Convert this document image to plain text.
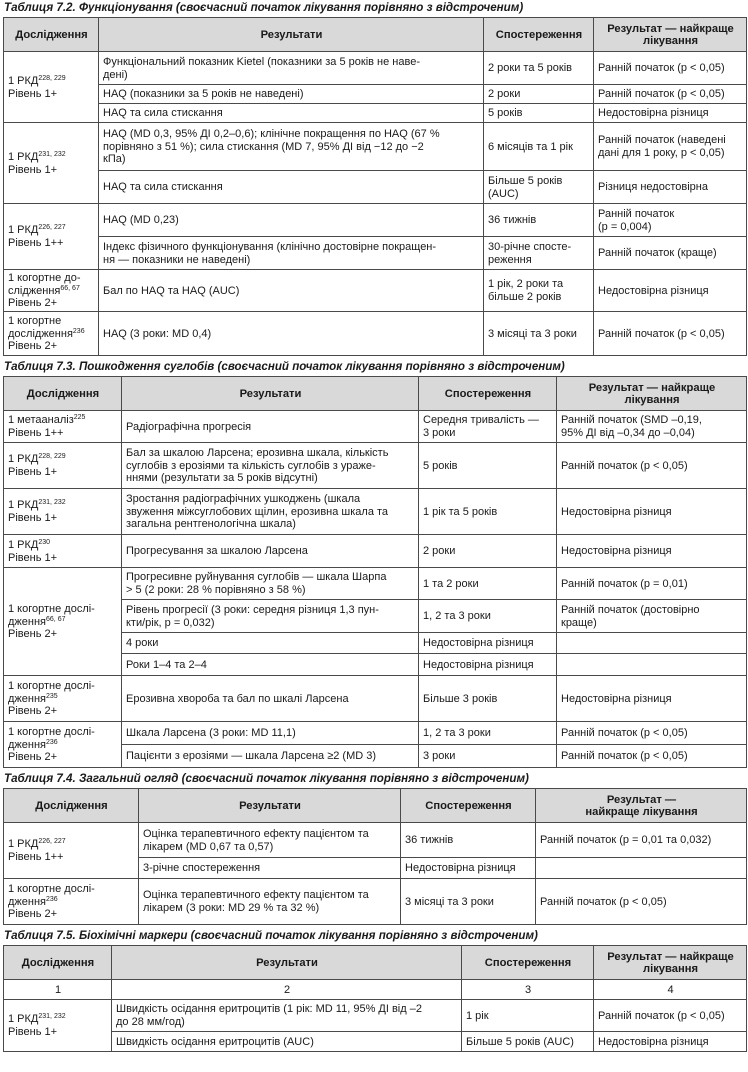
Таблиця 7.2. Функціонування (своєчасний початок лікування порівняно з відстроченим)

Дослідження	Результати	Спостереження	Результат — найкраще лікування
1 РКД$^{228, 229}$
Рівень 1+	Функціональний показник Kietel (показники за 5 років не наве-
дені)	2 роки та 5 років	Ранній початок (p < 0,05)
	HAQ (показники за 5 років не наведені)	2 роки	Ранній початок (p < 0,05)
	HAQ та сила стискання	5 років	Недостовірна різниця
1 РКД$^{231, 232}$
Рівень 1+	HAQ (MD 0,3, 95% ДІ 0,2–0,6); клінічне покращення по HAQ (67 %
порівняно з 51 %); сила стискання (MD 7, 95% ДІ від −12 до −2
кПа)	6 місяців та 1 рік	Ранній початок (наведені
дані для 1 року, p < 0,05)
	HAQ та сила стискання	Більше 5 років
(AUC)	Різниця недостовірна
1 РКД$^{226, 227}$
Рівень 1++	HAQ (MD 0,23)	36 тижнів	Ранній початок
(p = 0,004)
	Індекс фізичного функціонування (клінічно достовірне покращен-
ня — показники не наведені)	30-річне спосте-
реження	Ранній початок (краще)
1 когортне до-
слідження$^{66, 67}$
Рівень 2+	Бал по HAQ та HAQ (AUC)	1 рік, 2 роки та
більше 2 років	Недостовірна різниця
1 когортне
дослідження$^{236}$
Рівень 2+	HAQ (3 роки: MD 0,4)	3 місяці та 3 роки	Ранній початок (p < 0,05)

Таблиця 7.3. Пошкодження суглобів (своєчасний початок лікування порівняно з відстроченим)

Дослідження	Результати	Спостереження	Результат — найкраще
лікування
1 метааналіз$^{225}$
Рівень 1++	Радіографічна прогресія	Середня тривалість —
3 роки	Ранній початок (SMD –0,19,
95% ДІ від –0,34 до –0,04)
1 РКД$^{228, 229}$
Рівень 1+	Бал за шкалою Ларсена; ерозивна шкала, кількість
суглобів з ерозіями та кількість суглобів з ураже-
ннями (результати за 5 років відсутні)	5 років	Ранній початок (p < 0,05)
1 РКД$^{231, 232}$
Рівень 1+	Зростання радіографічних ушкоджень (шкала
звуження міжсуглобових щілин, ерозивна шкала та
загальна рентгенологічна шкала)	1 рік та 5 років	Недостовірна різниця
1 РКД$^{230}$
Рівень 1+	Прогресування за шкалою Ларсена	2 роки	Недостовірна різниця
1 когортне дослі-
дження$^{66, 67}$
Рівень 2+	Прогресивне руйнування суглобів — шкала Шарпа
> 5 (2 роки: 28 % порівняно з 58 %)	1 та 2 роки	Ранній початок (p = 0,01)
	Рівень прогресії (3 роки: середня різниця 1,3 пун-
кти/рік, p = 0,032)	1, 2 та 3 роки	Ранній початок (достовірно
краще)
	4 роки	Недостовірна різниця	
	Роки 1–4 та 2–4	Недостовірна різниця	
1 когортне дослі-
дження$^{235}$
Рівень 2+	Ерозивна хвороба та бал по шкалі Ларсена	Більше 3 років	Недостовірна різниця
1 когортне дослі-
дження$^{236}$
Рівень 2+	Шкала Ларсена (3 роки: MD 11,1)	1, 2 та 3 роки	Ранній початок (p < 0,05)
	Пацієнти з ерозіями — шкала Ларсена ≥2 (MD 3)	3 роки	Ранній початок (p < 0,05)

Таблиця 7.4. Загальний огляд (своєчасний початок лікування порівняно з відстроченим)

Дослідження	Результати	Спостереження	Результат —
найкраще лікування
1 РКД$^{226, 227}$
Рівень 1++	Оцінка терапевтичного ефекту пацієнтом та
лікарем (MD 0,67 та 0,57)	36 тижнів	Ранній початок (p = 0,01 та 0,032)
	3-річне спостереження	Недостовірна різниця	
1 когортне дослі-
дження$^{236}$
Рівень 2+	Оцінка терапевтичного ефекту пацієнтом та
лікарем (3 роки: MD 29 % та 32 %)	3 місяці та 3 роки	Ранній початок (p < 0,05)

Таблиця 7.5. Біохімічні маркери (своєчасний початок лікування порівняно з відстроченим)

Дослідження	Результати	Спостереження	Результат — найкраще
лікування
1	2	3	4
1 РКД$^{231, 232}$
Рівень 1+	Швидкість осідання еритроцитів (1 рік: MD 11, 95% ДІ від –2
до 28 мм/год)	1 рік	Ранній початок (p < 0,05)
	Швидкість осідання еритроцитів (AUC)	Більше 5 років (AUC)	Недостовірна різниця
